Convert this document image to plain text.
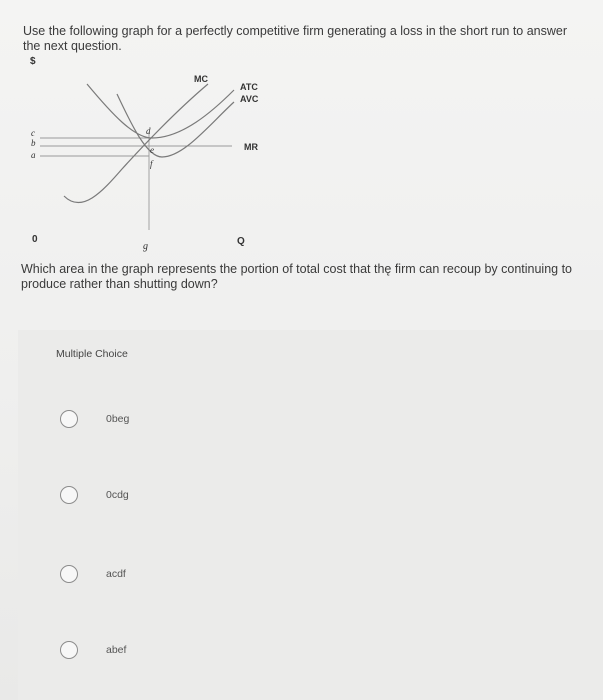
Use the following graph for a perfectly competitive firm generating a loss in the short run to answer the next question.
$
0
g	Q
c
b
a
d
e
f
MC
ATC
AVC
MR
Which area in the graph represents the portion of total cost that thę firm can recoup by continuing to produce rather than shutting down?
Multiple Choice
0beg
0cdg
acdf
abef
